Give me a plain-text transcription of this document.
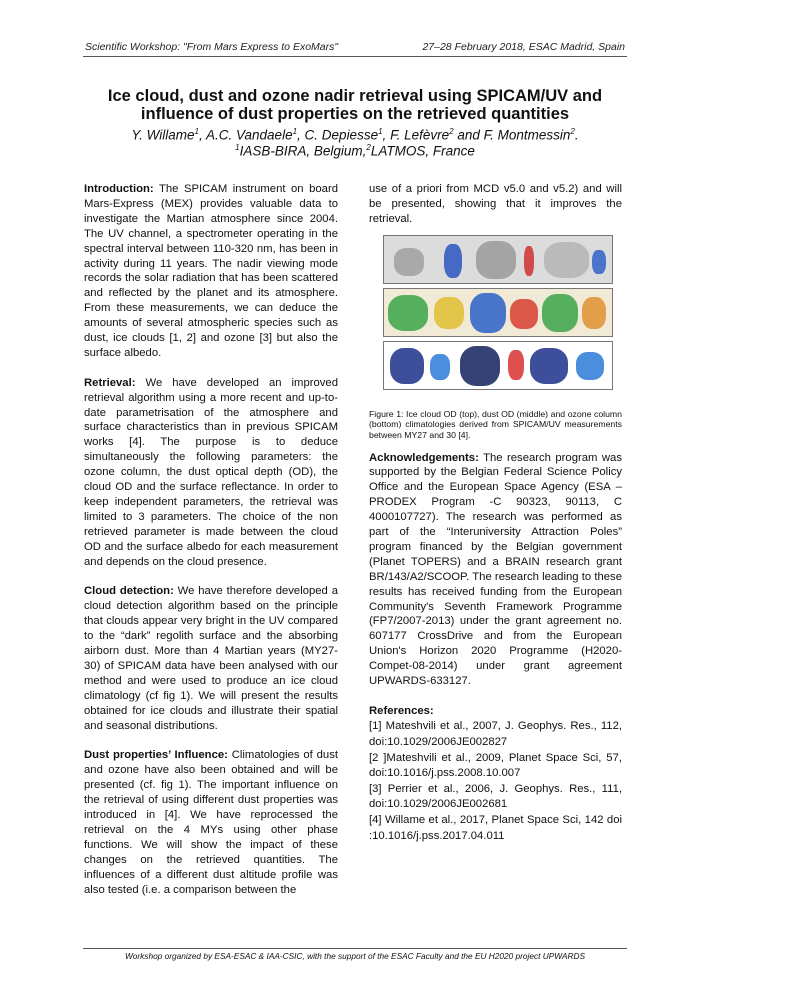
Scientific Workshop: "From Mars Express to ExoMars"	27–28 February 2018, ESAC Madrid, Spain
Ice cloud, dust and ozone nadir retrieval using SPICAM/UV and
influence of dust properties on the retrieved quantities
Y. Willame$^1$, A.C. Vandaele$^1$, C. Depiesse$^1$, F. Lefèvre$^2$ and F. Montmessin$^2$.
$^1$IASB-BIRA, Belgium,$^2$LATMOS, France

Introduction: The SPICAM instrument on board Mars-Express (MEX) provides valuable data to investigate the Martian atmosphere since 2004. The UV channel, a spectrometer operating in the spectral interval between 110-320 nm, has been in activity during 11 years. The nadir viewing mode records the solar radiation that has been scattered and reflected by the planet and its atmosphere. From these measurements, we can deduce the amounts of several atmospheric species such as dust, ice clouds [1, 2] and ozone [3] but also the surface albedo.

Retrieval: We have developed an improved retrieval algorithm using a more recent and up-to-date parametrisation of the atmosphere and surface characteristics than in previous SPICAM works [4]. The purpose is to deduce simultaneously the following parameters: the ozone column, the dust optical depth (OD), the cloud OD and the surface reflectance. In order to keep independent parameters, the retrieval was limited to 3 parameters. The choice of the non retrieved parameter is made between the cloud OD and the surface albedo for each measurement and depends on the cloud presence.

Cloud detection: We have therefore developed a cloud detection algorithm based on the principle that clouds appear very bright in the UV compared to the “dark” regolith surface and the absorbing airborn dust. More than 4 Martian years (MY27-30) of SPICAM data have been analysed with our method and were used to produce an ice cloud climatology (cf fig 1). We will present the results obtained for ice clouds and illustrate their spatial and seasonal distributions.

Dust properties’ Influence: Climatologies of dust and ozone have also been obtained and will be presented (cf. fig 1). The important influence on the retrieval of using different dust properties was introduced in [4]. We have reprocessed the retrieval on the 4 MYs using other phase functions. We will show the impact of these changes on the retrieved quantities. The influences of a different dust altitude profile was also tested (i.e. a comparison between the

use of a priori from MCD v5.0 and v5.2) and will be presented, showing that it improves the retrieval.

Figure 1: Ice cloud OD (top), dust OD (middle) and ozone column (bottom) climatologies derived from SPICAM/UV measurements between MY27 and 30 [4].

Acknowledgements: The research program was supported by the Belgian Federal Science Policy Office and the European Space Agency (ESA – PRODEX Program -C 90323, 90113, C 4000107727). The research was performed as part of the “Interuniversity Attraction Poles” program financed by the Belgian government (Planet TOPERS) and a BRAIN research grant BR/143/A2/SCOOP. The research leading to these results has received funding from the European Community's Seventh Framework Programme (FP7/2007-2013) under the grant agreement no. 607177 CrossDrive and from the European Union's Horizon 2020 Programme (H2020-Compet-08-2014) under grant agreement UPWARDS-633127.

References:
[1] Mateshvili et al., 2007, J. Geophys. Res., 112, doi:10.1029/2006JE002827
[2 ]Mateshvili et al., 2009, Planet Space Sci, 57, doi:10.1016/j.pss.2008.10.007
[3] Perrier et al., 2006, J. Geophys. Res., 111, doi:10.1029/2006JE002681
[4] Willame et al., 2017, Planet Space Sci, 142 doi :10.1016/j.pss.2017.04.011
Workshop organized by ESA-ESAC & IAA-CSIC, with the support of the ESAC Faculty and the EU H2020 project UPWARDS
